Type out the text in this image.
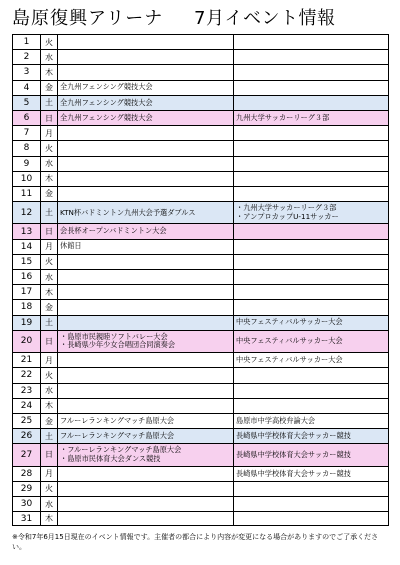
島原復興アリーナ 7月イベント情報
1	火
2	水
3	木
4	金 全九州フェンシング競技大会
5	土 全九州フェンシング競技大会
6	日 全九州フェンシング競技大会	九州大学サッカーリーグ３部
7	月
8	火
9	水
10	木
11	金
12	土 KTN杯バドミントン九州大会予選ダブルス	・九州大学サッカーリーグ３部
・アンプロカップU-11サッカー
13	日 会長杯オープンバドミントン大会
14	月 休館日
15	火
16	水
17	木
18	金
19	土	中央フェスティバルサッカー大会
20	日
・島原市民親睦ソフトバレー大会
・長崎県少年少女合唱団合同演奏会	中央フェスティバルサッカー大会
21	月	中央フェスティバルサッカー大会
22	火
23	水
24	木
25	金 フルーレランキングマッチ島原大会	島原市中学高校弁論大会
26	土 フルーレランキングマッチ島原大会	長崎県中学校体育大会サッカー競技
27	日
・フルーレランキングマッチ島原大会
・島原市民体育大会ダンス競技	長崎県中学校体育大会サッカー競技
28	月	長崎県中学校体育大会サッカー競技
29	火
30	水
31	木
※令和7年6月15日現在のイベント情報です。主催者の都合により内容が変更になる場合がありますのでご了承ください。
